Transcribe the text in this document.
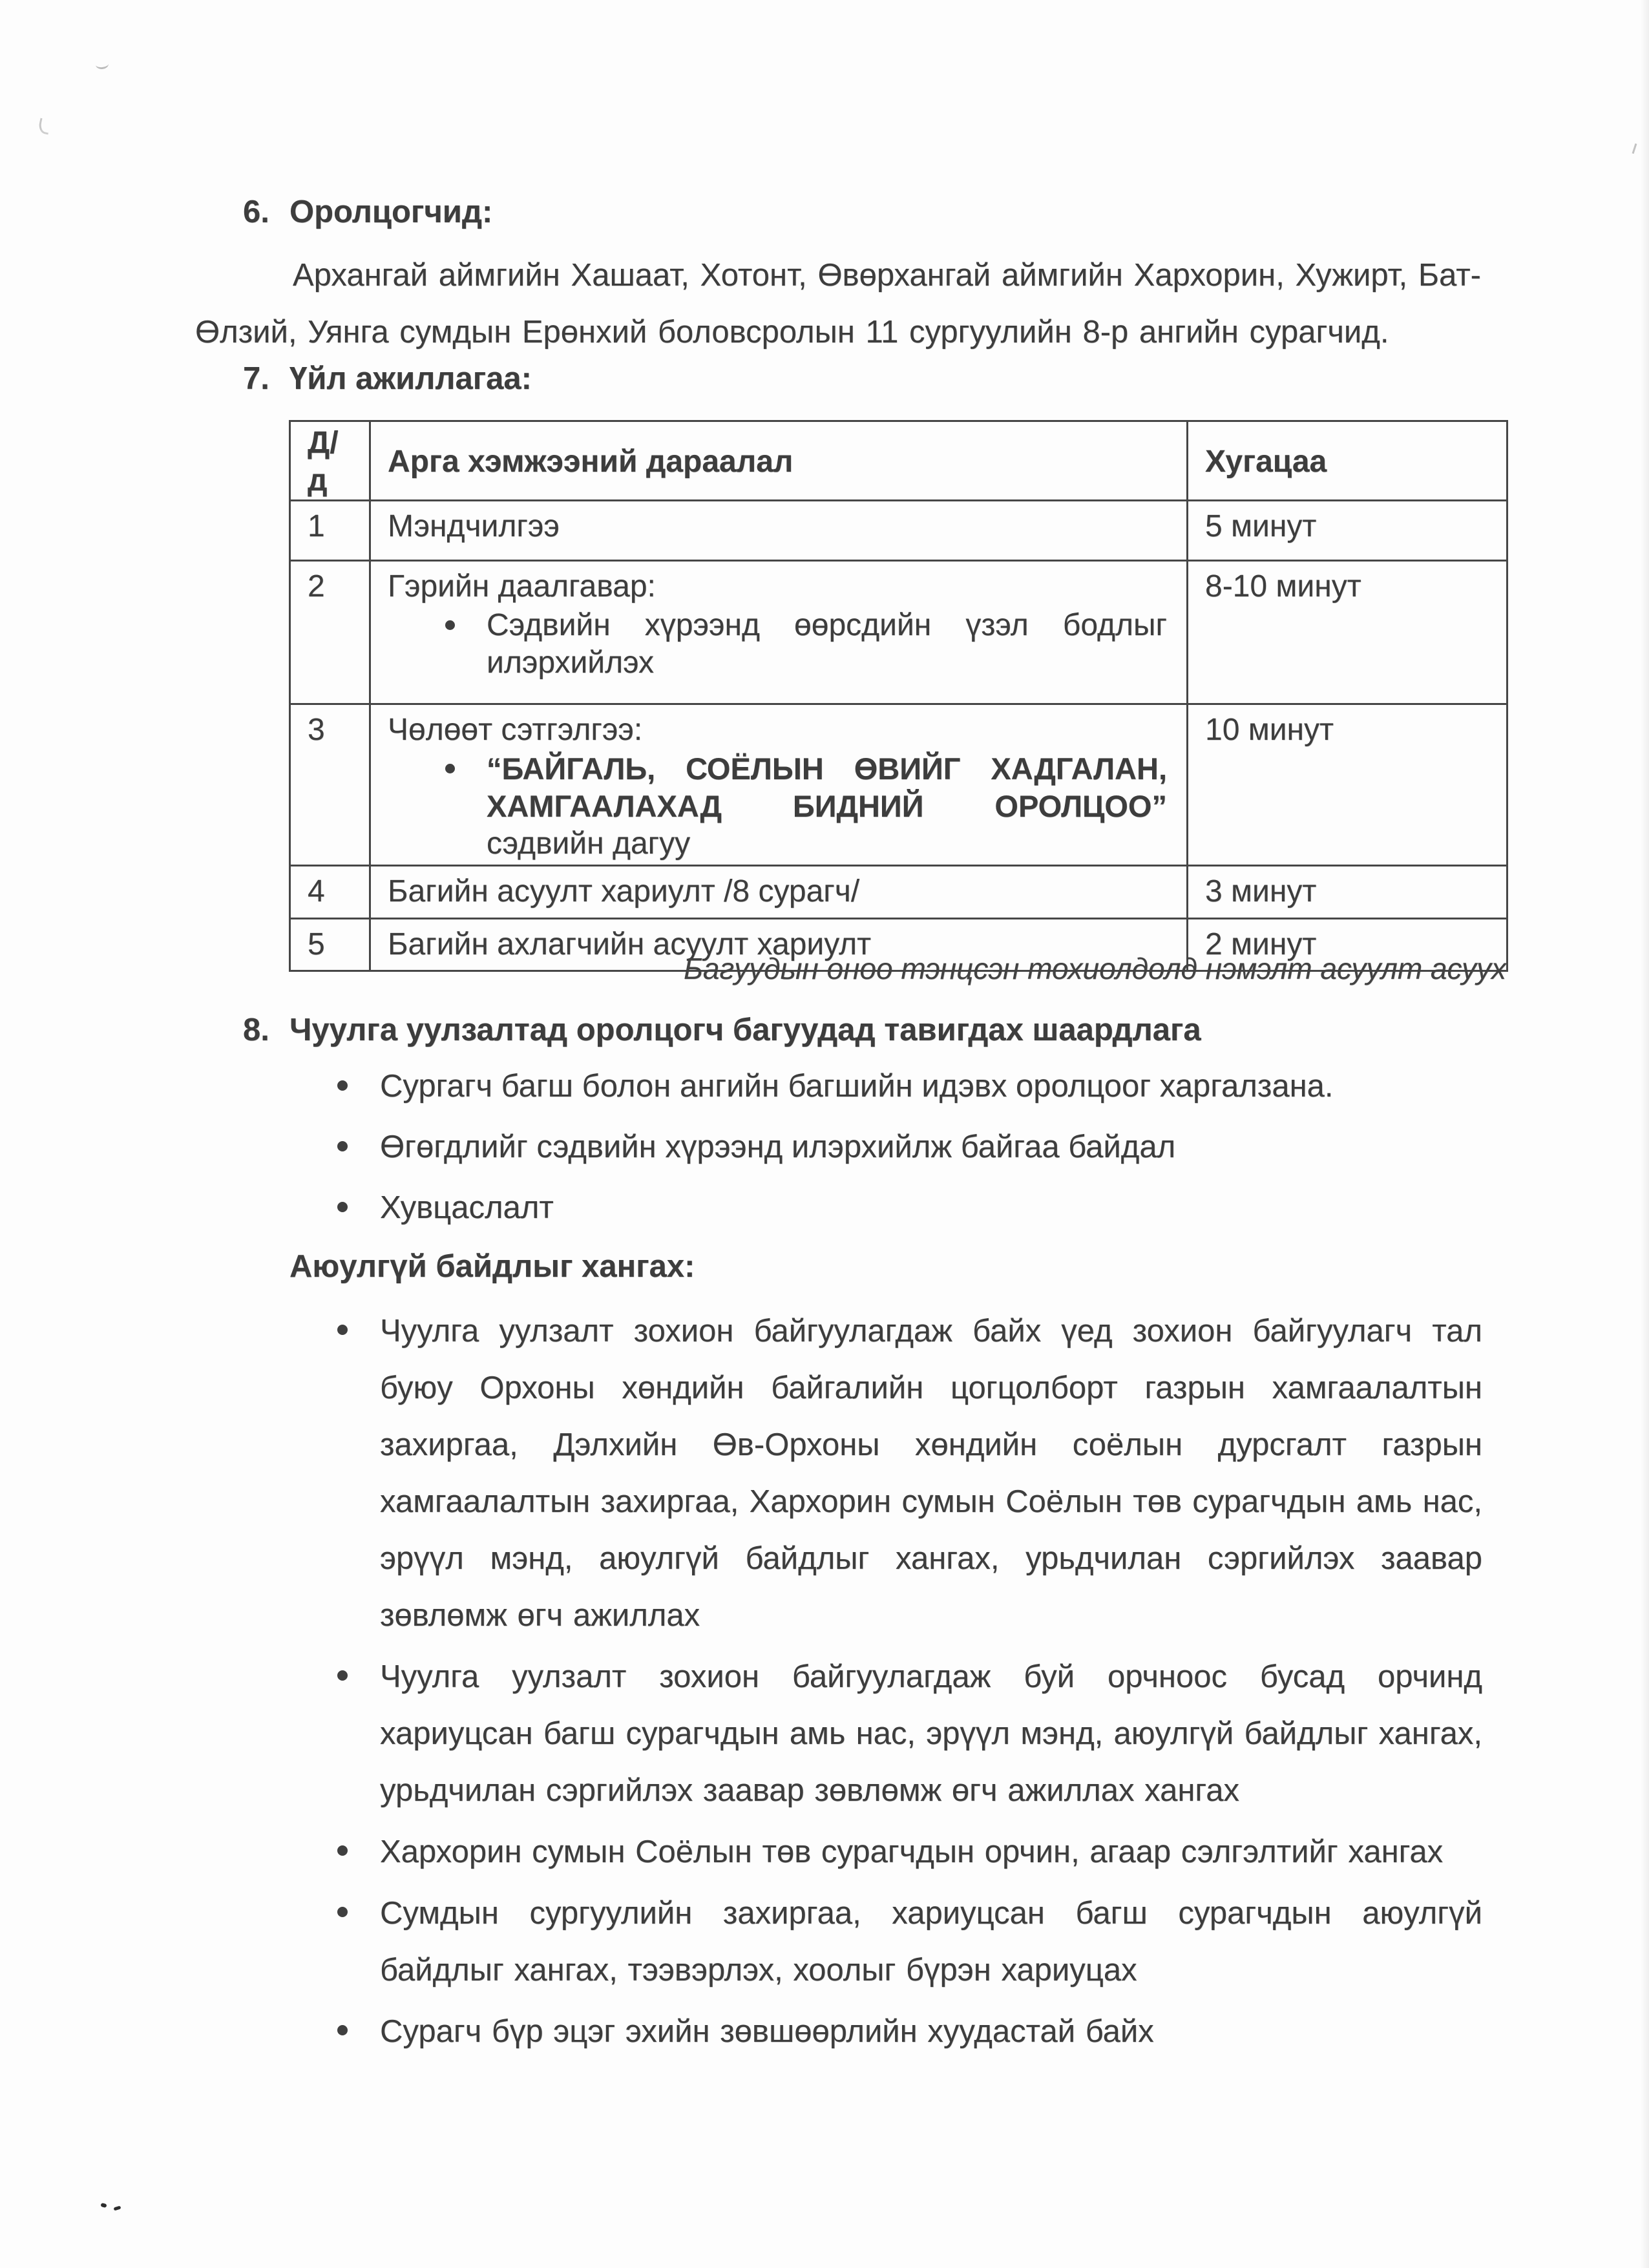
6. Оролцогчид:
Архангай аймгийн Хашаат, Хотонт, Өвөрхангай аймгийн Хархорин, Хужирт, Бат-Өлзий, Уянга сумдын Ерөнхий боловсролын 11 сургуулийн 8-р ангийн сурагчид.
7. Үйл ажиллагаа:
Д/д	Арга хэмжээний дараалал	Хугацаа
1	Мэндчилгээ	5 минут
2	Гэрийн даалгавар:
Сэдвийн хүрээнд өөрсдийн үзэл бодлыг илэрхийлэх	8-10 минут
3	Чөлөөт сэтгэлгээ:
“БАЙГАЛЬ, СОЁЛЫН ӨВИЙГ ХАДГАЛАН, ХАМГААЛАХАД БИДНИЙ ОРОЛЦОО”
сэдвийн дагуу	10 минут
4	Багийн асуулт хариулт /8 сурагч/	3 минут
5	Багийн ахлагчийн асуулт хариулт	2 минут
Багуудын оноо тэнцсэн тохиолдолд нэмэлт асуулт асуух
8. Чуулга уулзалтад оролцогч багуудад тавигдах шаардлага
Сургагч багш болон ангийн багшийн идэвх оролцоог харгалзана.
Өгөгдлийг сэдвийн хүрээнд илэрхийлж байгаа байдал
Хувцаслалт
Аюулгүй байдлыг хангах:
Чуулга уулзалт зохион байгуулагдаж байх үед зохион байгуулагч тал буюу Орхоны хөндийн байгалийн цогцолборт газрын хамгаалалтын захиргаа, Дэлхийн Өв-Орхоны хөндийн соёлын дурсгалт газрын хамгаалалтын захиргаа, Хархорин сумын Соёлын төв сурагчдын амь нас, эрүүл мэнд, аюулгүй байдлыг хангах, урьдчилан сэргийлэх заавар зөвлөмж өгч ажиллах
Чуулга уулзалт зохион байгуулагдаж буй орчноос бусад орчинд хариуцсан багш сурагчдын амь нас, эрүүл мэнд, аюулгүй байдлыг хангах, урьдчилан сэргийлэх заавар зөвлөмж өгч ажиллах хангах
Хархорин сумын Соёлын төв сурагчдын орчин, агаар сэлгэлтийг хангах
Сумдын сургуулийн захиргаа, хариуцсан багш сурагчдын аюулгүй байдлыг хангах, тээвэрлэх, хоолыг бүрэн хариуцах
Сурагч бүр эцэг эхийн зөвшөөрлийн хуудастай байх
